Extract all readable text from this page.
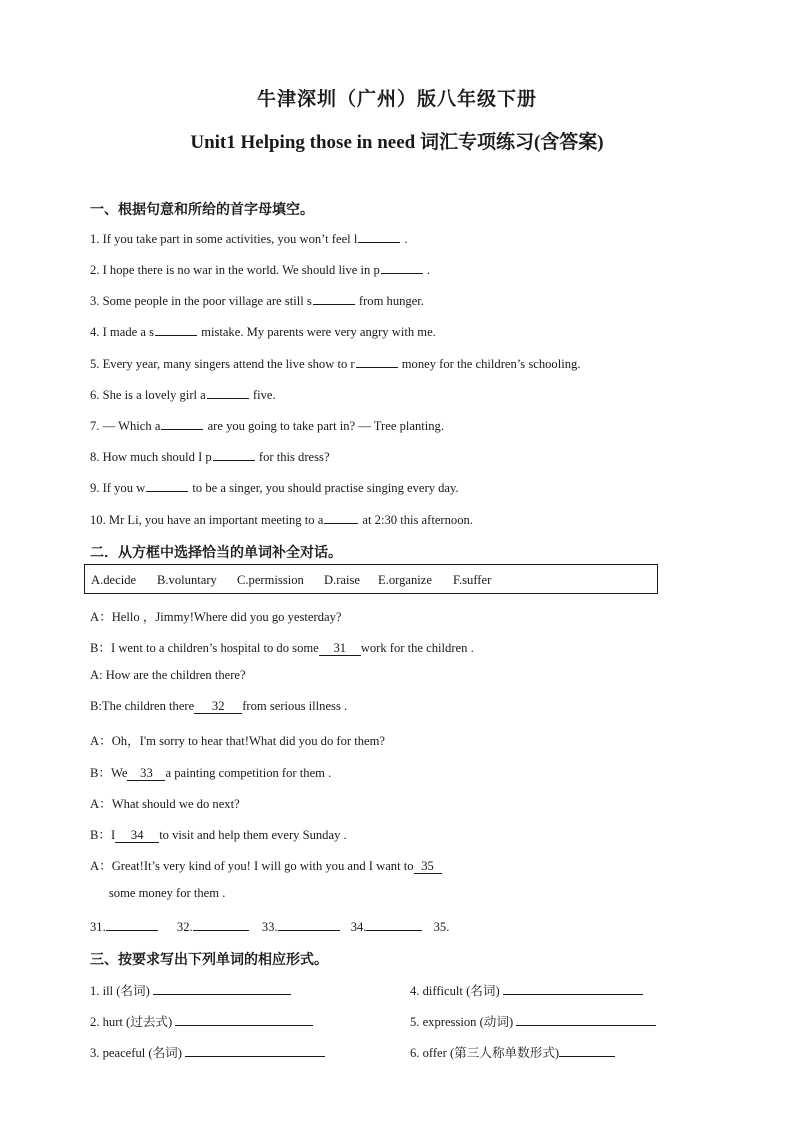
牛津深圳（广州）版八年级下册
Unit1 Helping those in need 词汇专项练习(含答案)
一、根据句意和所给的首字母填空。
1. If you take part in some activities, you won’t feel l	.
2. I hope there is no war in the world. We should live in p	.
3. Some people in the poor village are still s	from hunger.
4. I made a s	mistake. My parents were very angry with me.
5. Every year, many singers attend the live show to r	money for the children’s schooling.
6. She is a lovely girl a	five.
7. — Which a	are you going to take part in? — Tree planting.
8. How much should I p	for this dress?
9. If you w	to be a singer, you should practise singing every day.
10. Mr Li, you have an important meeting to a	at 2:30 this afternoon.
二．从方框中选择恰当的单词补全对话。
A.decide B.voluntary C.permission D.raise E.organize F.suffer
A：Hello ，Jimmy!Where did you go yesterday?
B：I went to a children’s hospital to do some 31 work for the children .
A: How are the children there?
B:The children there 32 from serious illness .
A：Oh，I'm sorry to hear that!What did you do for them?
B：We 33 a painting competition for them .
A：What should we do next?
B：I 34 to visit and help them every Sunday .
A：Great!It’s very kind of you! I will go with you and I want to 35
some money for them .
31.	32.	33.	34.	35.
三、按要求写出下列单词的相应形式。
1. ill (名词)
2. hurt (过去式)
3. peaceful (名词)
4. difficult (名词)
5. expression (动词)
6. offer (第三人称单数形式)
